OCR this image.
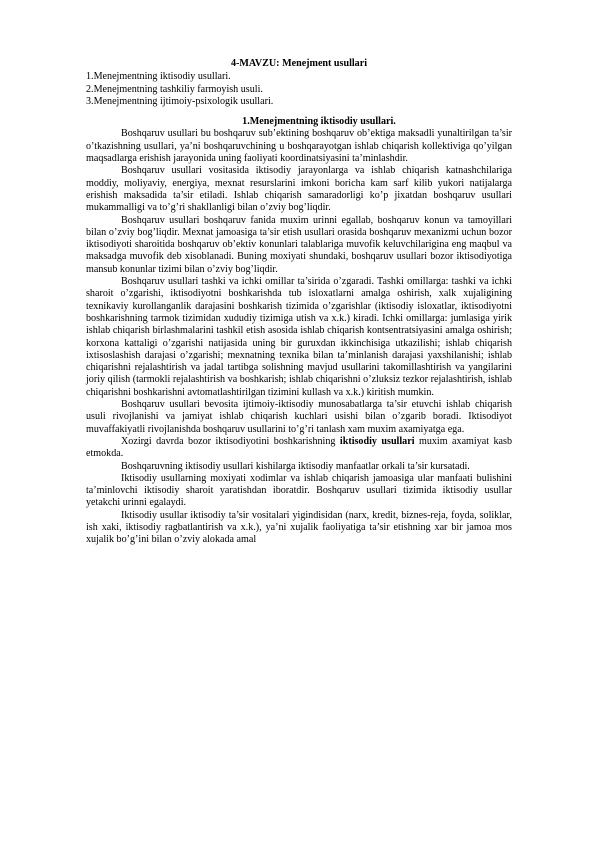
4-MAVZU: Menejment usullari
1.Menejmentning iktisodiy usullari.
2.Menejmentning tashkiliy farmoyish usuli.
3.Menejmentning ijtimoiy-psixologik usullari.
1.Menejmentning iktisodiy usullari.

Boshqaruv usullari bu boshqaruv sub’ektining boshqaruv ob’ektiga maksadli yunaltirilgan ta’sir o’tkazishning usullari, ya’ni boshqaruvchining u boshqarayotgan ishlab chiqarish kollektiviga qo’yilgan maqsadlarga erishish jarayonida uning faoliyati koordinatsiyasini ta’minlashdir.

Boshqaruv usullari vositasida iktisodiy jarayonlarga va ishlab chiqarish katnashchilariga moddiy, moliyaviy, energiya, mexnat resurslarini imkoni boricha kam sarf kilib yukori natijalarga erishish maksadida ta’sir etiladi. Ishlab chiqarish samaradorligi ko’p jixatdan boshqaruv usullari mukammalligi va to’g’ri shakllanligi bilan o’zviy bog’liqdir.

Boshqaruv usullari boshqaruv fanida muxim urinni egallab, boshqaruv konun va tamoyillari bilan o’zviy bog’liqdir. Mexnat jamoasiga ta’sir etish usullari orasida boshqaruv mexanizmi uchun bozor iktisodiyoti sharoitida boshqaruv ob’ektiv konunlari talablariga muvofik keluvchilarigina eng maqbul va maksadga muvofik deb xisoblanadi. Buning moxiyati shundaki, boshqaruv usullari bozor iktisodiyotiga mansub konunlar tizimi bilan o’zviy bog’liqdir.

Boshqaruv usullari tashki va ichki omillar ta’sirida o’zgaradi. Tashki omillarga: tashki va ichki sharoit o’zgarishi, iktisodiyotni boshkarishda tub isloxatlarni amalga oshirish, xalk xujaligining texnikaviy kurollanganlik darajasini boshkarish tizimida o’zgarishlar (iktisodiy isloxatlar, iktisodiyotni boshkarishning tarmok tizimidan xududiy tizimiga utish va x.k.) kiradi. Ichki omillarga: jumlasiga yirik ishlab chiqarish birlashmalarini tashkil etish asosida ishlab chiqarish kontsentratsiyasini amalga oshirish; korxona kattaligi o’zgarishi natijasida uning bir guruxdan ikkinchisiga utkazilishi; ishlab chiqarish ixtisoslashish darajasi o’zgarishi; mexnatning texnika bilan ta’minlanish darajasi yaxshilanishi; ishlab chiqarishni rejalashtirish va jadal tartibga solishning mavjud usullarini takomillashtirish va yangilarini joriy qilish (tarmokli rejalashtirish va boshkarish; ishlab chiqarishni o’zluksiz tezkor rejalashtirish, ishlab chiqarishni boshkarishni avtomatlashtirilgan tizimini kullash va x.k.) kiritish mumkin.

Boshqaruv usullari bevosita ijtimoiy-iktisodiy munosabatlarga ta’sir etuvchi ishlab chiqarish usuli rivojlanishi va jamiyat ishlab chiqarish kuchlari usishi bilan o’zgarib boradi. Iktisodiyot muvaffakiyatli rivojlanishda boshqaruv usullarini to’g’ri tanlash xam muxim axamiyatga ega.

Xozirgi davrda bozor iktisodiyotini boshkarishning iktisodiy usullari muxim axamiyat kasb etmokda.

Boshqaruvning iktisodiy usullari kishilarga iktisodiy manfaatlar orkali ta’sir kursatadi.

Iktisodiy usullarning moxiyati xodimlar va ishlab chiqarish jamoasiga ular manfaati bulishini ta’minlovchi iktisodiy sharoit yaratishdan iboratdir. Boshqaruv usullari tizimida iktisodiy usullar yetakchi urinni egalaydi.

Iktisodiy usullar iktisodiy ta’sir vositalari yigindisidan (narx, kredit, biznes-reja, foyda, soliklar, ish xaki, iktisodiy ragbatlantirish va x.k.), ya’ni xujalik faoliyatiga ta’sir etishning xar bir jamoa mos xujalik bo’g’ini bilan o’zviy alokada amal
